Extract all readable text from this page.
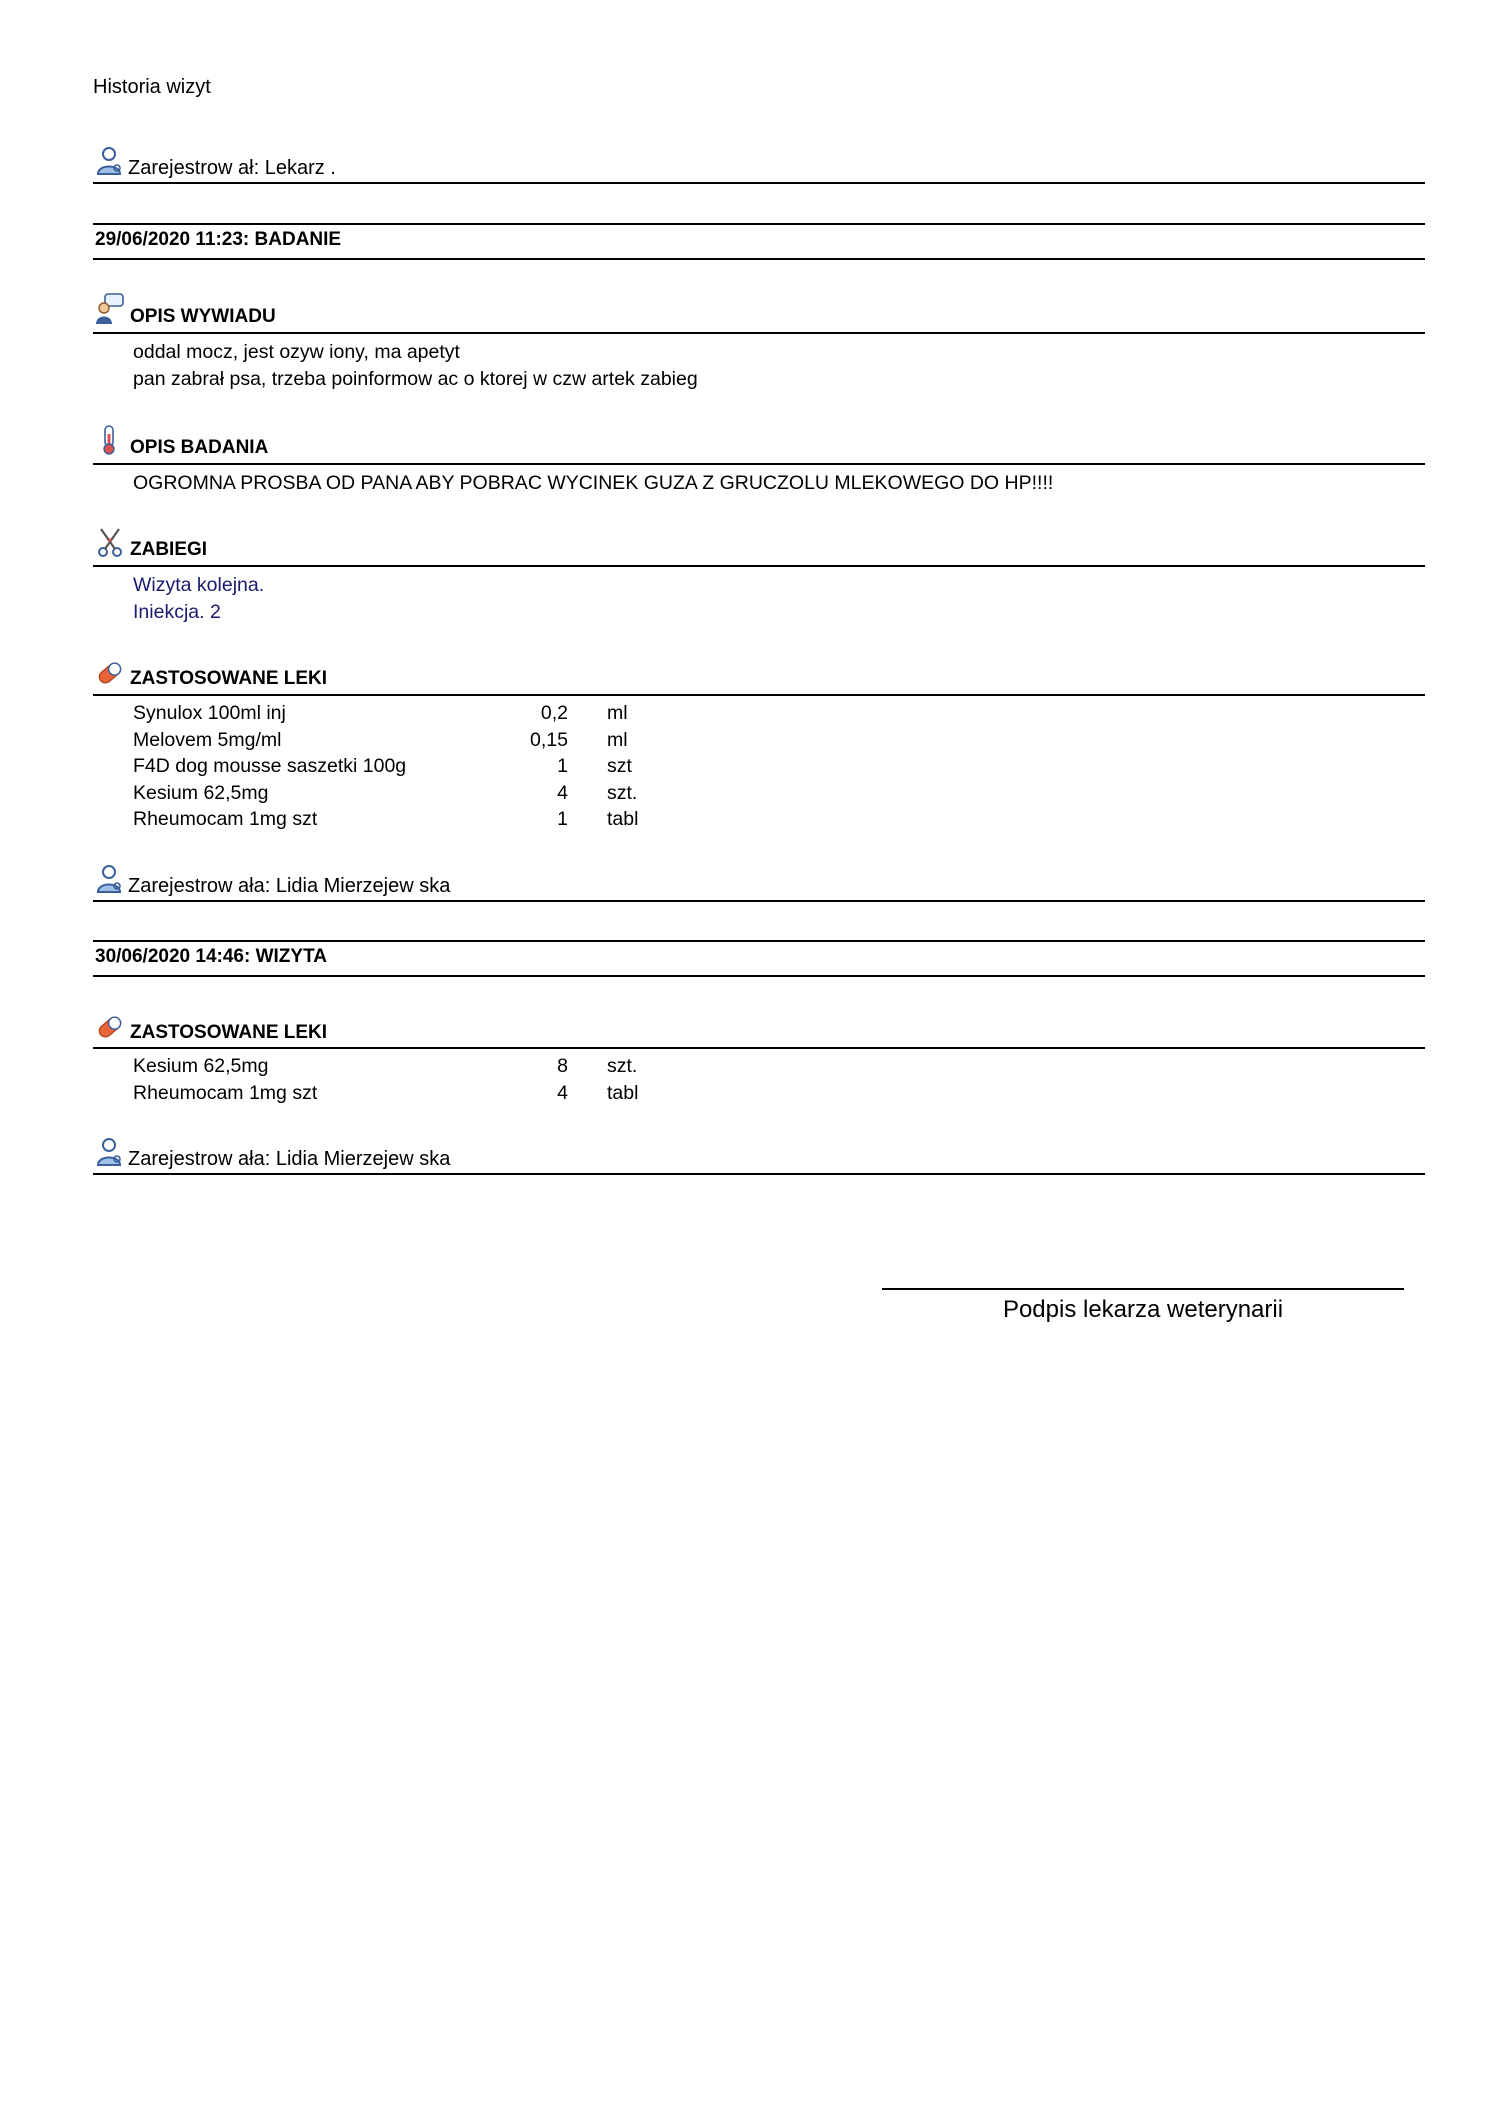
Historia wizyt
Zarejestrow ał: Lekarz .
29/06/2020 11:23: BADANIE
OPIS WYWIADU
oddal mocz, jest ozyw iony, ma apetyt
pan zabrał psa, trzeba poinformow ac o ktorej w czw artek zabieg
OPIS BADANIA
OGROMNA PROSBA OD PANA ABY POBRAC WYCINEK GUZA Z GRUCZOLU MLEKOWEGO DO HP!!!!
ZABIEGI
Wizyta kolejna.
Iniekcja. 2
ZASTOSOWANE LEKI
Synulox 100ml inj	0,2 ml
Melovem 5mg/ml	0,15 ml
F4D dog mousse saszetki 100g	1 szt
Kesium 62,5mg	4 szt.
Rheumocam 1mg szt	1 tabl
Zarejestrow ała: Lidia Mierzejew ska
30/06/2020 14:46: WIZYTA
ZASTOSOWANE LEKI
Kesium 62,5mg	8 szt.
Rheumocam 1mg szt	4 tabl
Zarejestrow ała: Lidia Mierzejew ska
Podpis lekarza weterynarii
